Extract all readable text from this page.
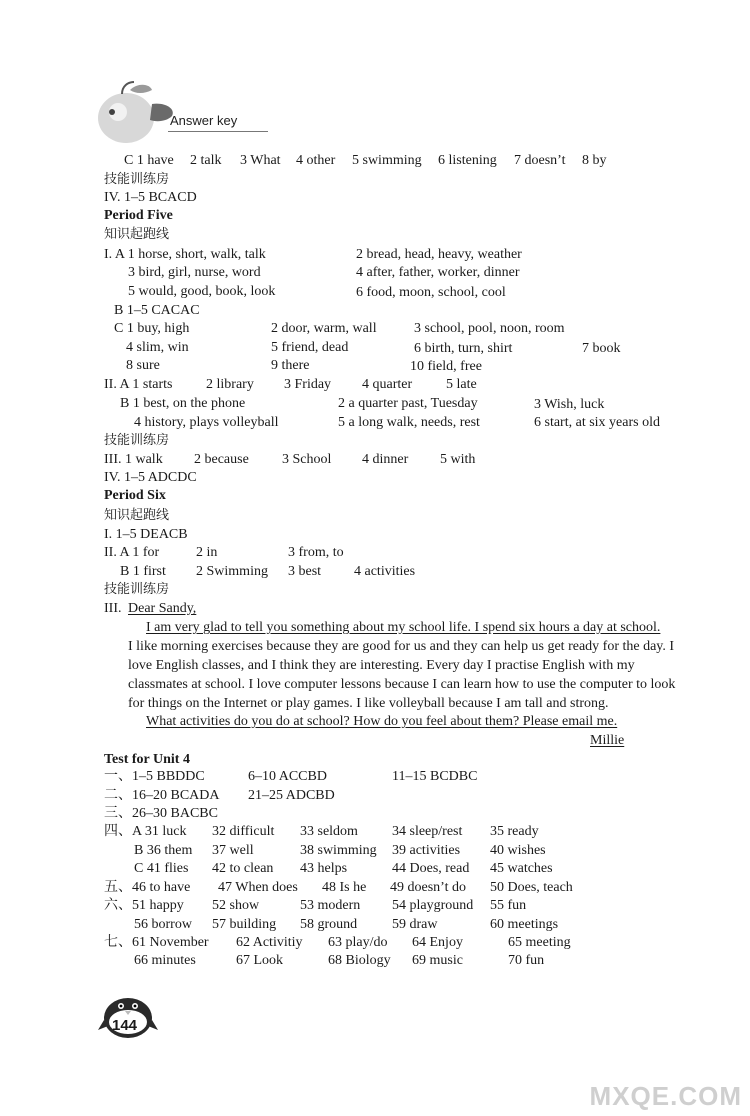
Answer key
C 1 have 2 talk 3 What 4 other 5 swimming 6 listening 7 doesn’t 8 by
技能训练房
IV. 1–5 BCACD
Period Five
知识起跑线
I. A 1 horse, short, walk, talk	2 bread, head, heavy, weather
3 bird, girl, nurse, word	4 after, father, worker, dinner
5 would, good, book, look	6 food, moon, school, cool
B 1–5 CACAC
C 1 buy, high	2 door, warm, wall	3 school, pool, noon, room
4 slim, win	5 friend, dead	6 birth, turn, shirt	7 book
8 sure	9 there	10 field, free
II. A 1 starts 2 library 3 Friday 4 quarter 5 late
B 1 best, on the phone	2 a quarter past, Tuesday	3 Wish, luck
4 history, plays volleyball	5 a long walk, needs, rest	6 start, at six years old
技能训练房
III. 1 walk 2 because 3 School 4 dinner 5 with
IV. 1–5 ADCDC
Period Six
知识起跑线
I. 1–5 DEACB
II. A 1 for	2 in	3 from, to
B 1 first 2 Swimming 3 best 4 activities
技能训练房
III. Dear Sandy,
Millie
Test for Unit 4
一、1–5 BBDDC	6–10 ACCBD	11–15 BCDBC
二、16–20 BCADA 21–25 ADCBD
三、26–30 BACBC
四、A 31 luck 32 difficult 33 seldom 34 sleep/rest 35 ready
B 36 them 37 well	38 swimming 39 activities 40 wishes
C 41 flies 42 to clean 43 helps	44 Does, read 45 watches
五、46 to have 47 When does 48 Is he 49 doesn’t do 50 Does, teach
六、51 happy 52 show	53 modern 54 playground 55 fun
56 borrow 57 building 58 ground 59 draw	60 meetings
七、61 November 62 Activitiy 63 play/do 64 Enjoy	65 meeting
66 minutes	67 Look	68 Biology 69 music	70 fun
I am very glad to tell you something about my school life. I spend six hours a day at school.
I like morning exercises because they are good for us and they can help us get ready for the day. I love English classes, and I think they are interesting. Every day I practise English with my classmates at school. I love computer lessons because I can learn how to use the computer to look for things on the Internet or play games. I like volleyball because I am tall and strong.
What activities do you do at school? How do you feel about them? Please email me.
144
MXQE.COM
